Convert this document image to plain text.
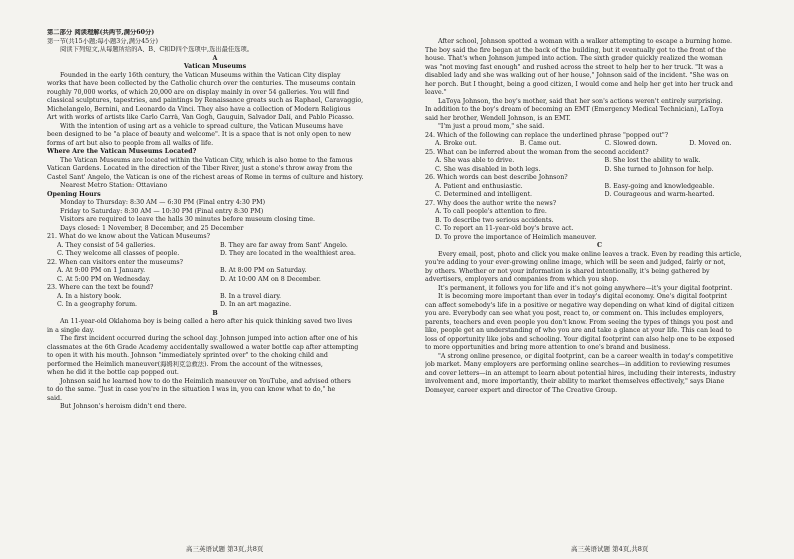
第二部分 阅读理解(共两节,满分60分)
第一节(共15小题;每小题3分,满分45分)
阅读下列短文,从每题所给的A、B、C和D四个选项中,选出最佳选项。
A
Vatican Museums
Founded in the early 16th century, the Vatican Museums within the Vatican City display
works that have been collected by the Catholic church over the centuries. The museums contain
roughly 70,000 works, of which 20,000 are on display mainly in over 54 galleries. You will find
classical sculptures, tapestries, and paintings by Renaissance greats such as Raphael, Caravaggio,
Michelangelo, Bernini, and Leonardo da Vinci. They also have a collection of Modern Religious
Art with works of artists like Carlo Carrà, Van Gogh, Gauguin, Salvador Dalí, and Pablo Picasso.
With the intention of using art as a vehicle to spread culture, the Vatican Museums have
been designed to be "a place of beauty and welcome". It is a space that is not only open to new
forms of art but also to people from all walks of life.
Where Are the Vatican Museums Located?
The Vatican Museums are located within the Vatican City, which is also home to the famous
Vatican Gardens. Located in the direction of the Tiber River, just a stone's throw away from the
Castel Sant' Angelo, the Vatican is one of the richest areas of Rome in terms of culture and history.
Nearest Metro Station: Ottaviano
Opening Hours
Monday to Thursday: 8:30 AM — 6:30 PM (Final entry 4:30 PM)
Friday to Saturday: 8:30 AM — 10:30 PM (Final entry 8:30 PM)
Visitors are required to leave the halls 30 minutes before museum closing time.
Days closed: 1 November, 8 December, and 25 December
21. What do we know about the Vatican Museums?
A. They consist of 54 galleries.	B. They are far away from Sant' Angelo.
C. They welcome all classes of people.	D. They are located in the wealthiest area.
22. When can visitors enter the museums?
A. At 9:00 PM on 1 January.	B. At 8:00 PM on Saturday.
C. At 5:00 PM on Wednesday.	D. At 10:00 AM on 8 December.
23. Where can the text be found?
A. In a history book.	B. In a travel diary.
C. In a geography forum.	D. In an art magazine.
B
An 11-year-old Oklahoma boy is being called a hero after his quick thinking saved two lives
in a single day.
The first incident occurred during the school day. Johnson jumped into action after one of his
classmates at the 6th Grade Academy accidentally swallowed a water bottle cap after attempting
to open it with his mouth. Johnson "immediately sprinted over" to the choking child and
performed the Heimlich maneuver(海姆利克急救法). From the account of the witnesses,
when he did it the bottle cap popped out.
Johnson said he learned how to do the Heimlich maneuver on YouTube, and advised others
to do the same. "Just in case you're in the situation I was in, you can know what to do," he
said.
But Johnson's heroism didn't end there.
After school, Johnson spotted a woman with a walker attempting to escape a burning home.
The boy said the fire began at the back of the building, but it eventually got to the front of the
house. That's when Johnson jumped into action. The sixth grader quickly realized the woman
was "not moving fast enough" and rushed across the street to help her to her truck. "It was a
disabled lady and she was walking out of her house," Johnson said of the incident. "She was on
her porch. But I thought, being a good citizen, I would come and help her get into her truck and
leave."
LaToya Johnson, the boy's mother, said that her son's actions weren't entirely surprising.
In addition to the boy's dream of becoming an EMT (Emergency Medical Technician), LaToya
said her brother, Wendell Johnson, is an EMT.
"I'm just a proud mom," she said.
24. Which of the following can replace the underlined phrase "popped out"?
A. Broke out.	B. Came out.	C. Slowed down.	D. Moved on.
25. What can be inferred about the woman from the second accident?
A. She was able to drive.	B. She lost the ability to walk.
C. She was disabled in both legs.	D. She turned to Johnson for help.
26. Which words can best describe Johnson?
A. Patient and enthusiastic.	B. Easy-going and knowledgeable.
C. Determined and intelligent.	D. Courageous and warm-hearted.
27. Why does the author write the news?
A. To call people's attention to fire.
B. To describe two serious accidents.
C. To report an 11-year-old boy's brave act.
D. To prove the importance of Heimlich maneuver.
C
Every email, post, photo and click you make online leaves a track. Even by reading this article,
you're adding to your ever-growing online image, which will be seen and judged, fairly or not,
by others. Whether or not your information is shared intentionally, it's being gathered by
advertisers, employers and companies from which you shop.
It's permanent, it follows you for life and it's not going anywhere—it's your digital footprint.
It is becoming more important than ever in today's digital economy. One's digital footprint
can affect somebody's life in a positive or negative way depending on what kind of digital citizen
you are. Everybody can see what you post, react to, or comment on. This includes employers,
parents, teachers and even people you don't know. From seeing the types of things you post and
like, people get an understanding of who you are and take a glance at your life. This can lead to
loss of opportunity like jobs and schooling. Your digital footprint can also help one to be exposed
to more opportunities and bring more attention to one's brand and business.
"A strong online presence, or digital footprint, can be a career wealth in today's competitive
job market. Many employers are performing online searches—in addition to reviewing resumes
and cover letters—in an attempt to learn about potential hires, including their interests, industry
involvement and, more importantly, their ability to market themselves effectively," says Diane
Domeyer, career expert and director of The Creative Group.
高三英语试题 第3页,共8页	高三英语试题 第4页,共8页
